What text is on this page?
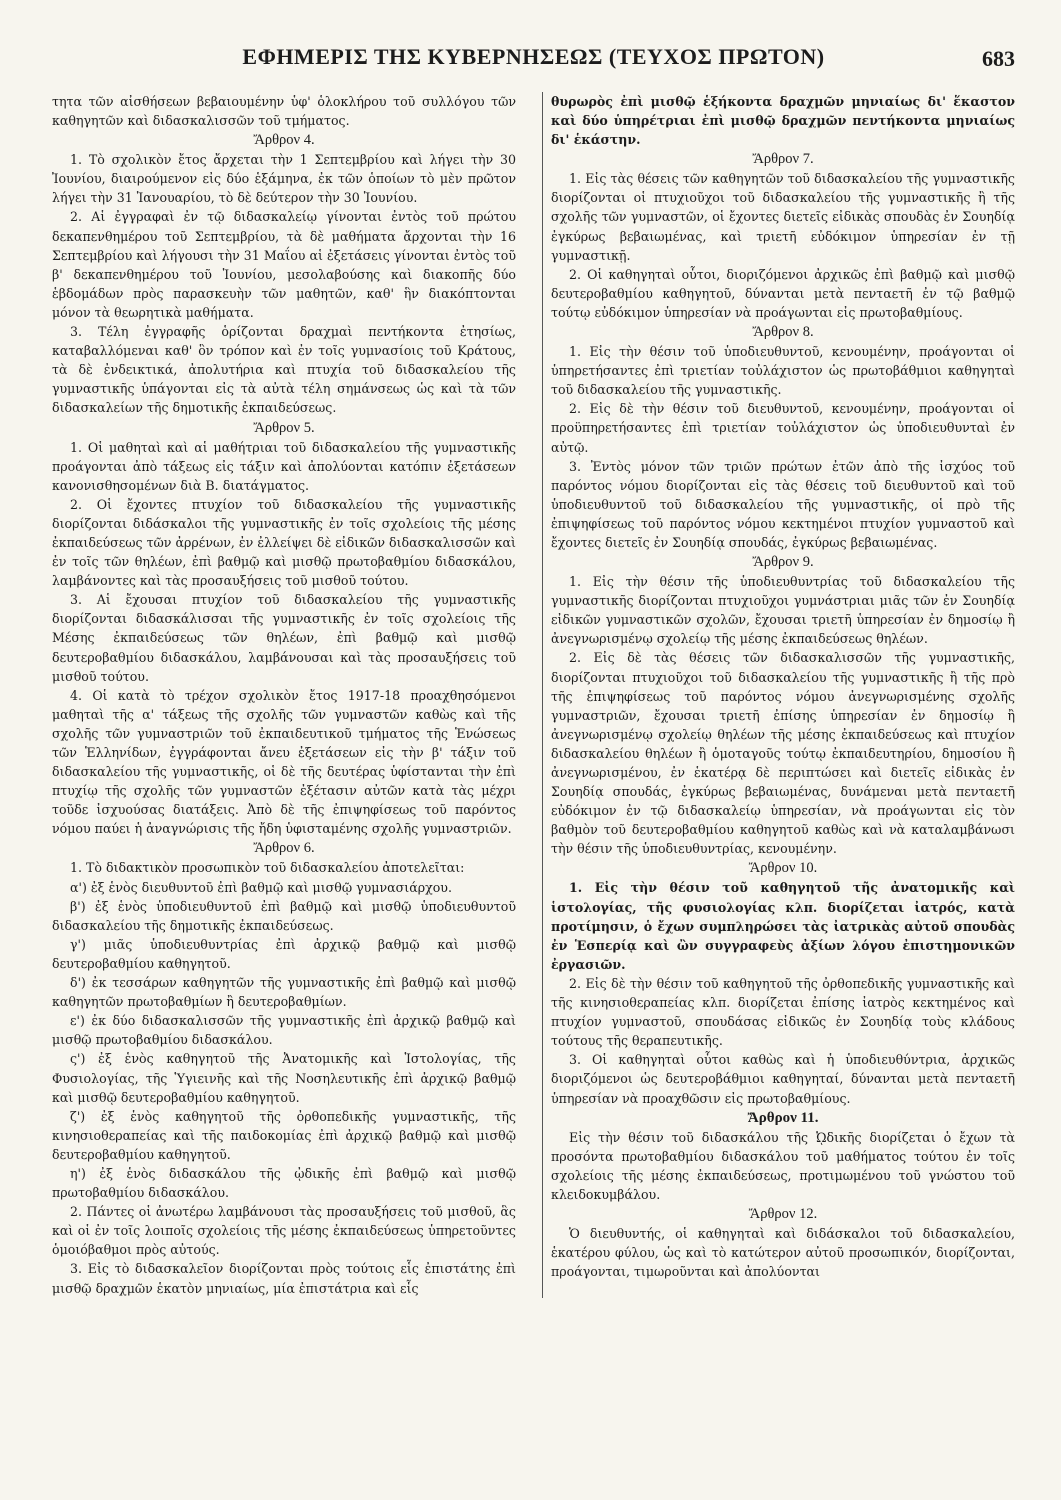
ΕΦΗΜΕΡΙΣ ΤΗΣ ΚΥΒΕΡΝΗΣΕΩΣ (ΤΕΥΧΟΣ ΠΡΩΤΟΝ)	683

τητα τῶν αἰσθήσεων βεβαιουμένην ὑφ' ὁλοκλήρου τοῦ συλλόγου τῶν καθηγητῶν καὶ διδασκαλισσῶν τοῦ τμήματος.

Ἄρθρον 4.

1. Τὸ σχολικὸν ἔτος ἄρχεται τὴν 1 Σεπτεμβρίου καὶ λήγει τὴν 30 Ἰουνίου, διαιρούμενον εἰς δύο ἑξάμηνα, ἐκ τῶν ὁποίων τὸ μὲν πρῶτον λήγει τὴν 31 Ἰανουαρίου, τὸ δὲ δεύτερον τὴν 30 Ἰουνίου.

2. Αἱ ἐγγραφαὶ ἐν τῷ διδασκαλείῳ γίνονται ἐντὸς τοῦ πρώτου δεκαπενθημέρου τοῦ Σεπτεμβρίου, τὰ δὲ μαθήματα ἄρχονται τὴν 16 Σεπτεμβρίου καὶ λήγουσι τὴν 31 Μαΐου αἱ ἐξετάσεις γίνονται ἐντὸς τοῦ β' δεκαπενθημέρου τοῦ Ἰουνίου, μεσολαβούσης καὶ διακοπῆς δύο ἑβδομάδων πρὸς παρασκευὴν τῶν μαθητῶν, καθ' ἣν διακόπτονται μόνον τὰ θεωρητικὰ μαθήματα.

3. Τέλη ἐγγραφῆς ὁρίζονται δραχμαὶ πεντήκοντα ἐτησίως, καταβαλλόμεναι καθ' ὃν τρόπον καὶ ἐν τοῖς γυμνασίοις τοῦ Κράτους, τὰ δὲ ἐνδεικτικά, ἀπολυτήρια καὶ πτυχία τοῦ διδασκαλείου τῆς γυμναστικῆς ὑπάγονται εἰς τὰ αὐτὰ τέλη σημάνσεως ὡς καὶ τὰ τῶν διδασκαλείων τῆς δημοτικῆς ἐκπαιδεύσεως.

Ἄρθρον 5.

1. Οἱ μαθηταὶ καὶ αἱ μαθήτριαι τοῦ διδασκαλείου τῆς γυμναστικῆς προάγονται ἀπὸ τάξεως εἰς τάξιν καὶ ἀπολύονται κατόπιν ἐξετάσεων κανονισθησομένων διὰ Β. διατάγματος.

2. Οἱ ἔχοντες πτυχίον τοῦ διδασκαλείου τῆς γυμναστικῆς διορίζονται διδάσκαλοι τῆς γυμναστικῆς ἐν τοῖς σχολείοις τῆς μέσης ἐκπαιδεύσεως τῶν ἀρρένων, ἐν ἐλλείψει δὲ εἰδικῶν διδασκαλισσῶν καὶ ἐν τοῖς τῶν θηλέων, ἐπὶ βαθμῷ καὶ μισθῷ πρωτοβαθμίου διδασκάλου, λαμβάνοντες καὶ τὰς προσαυξήσεις τοῦ μισθοῦ τούτου.

3. Αἱ ἔχουσαι πτυχίον τοῦ διδασκαλείου τῆς γυμναστικῆς διορίζονται διδασκάλισσαι τῆς γυμναστικῆς ἐν τοῖς σχολείοις τῆς Μέσης ἐκπαιδεύσεως τῶν θηλέων, ἐπὶ βαθμῷ καὶ μισθῷ δευτεροβαθμίου διδασκάλου, λαμβάνουσαι καὶ τὰς προσαυξήσεις τοῦ μισθοῦ τούτου.

4. Οἱ κατὰ τὸ τρέχον σχολικὸν ἔτος 1917-18 προαχθησόμενοι μαθηταὶ τῆς α' τάξεως τῆς σχολῆς τῶν γυμναστῶν καθὼς καὶ τῆς σχολῆς τῶν γυμναστριῶν τοῦ ἐκπαιδευτικοῦ τμήματος τῆς Ἑνώσεως τῶν Ἑλληνίδων, ἐγγράφονται ἄνευ ἐξετάσεων εἰς τὴν β' τάξιν τοῦ διδασκαλείου τῆς γυμναστικῆς, οἱ δὲ τῆς δευτέρας ὑφίστανται τὴν ἐπὶ πτυχίῳ τῆς σχολῆς τῶν γυμναστῶν ἐξέτασιν αὐτῶν κατὰ τὰς μέχρι τοῦδε ἰσχυούσας διατάξεις. Ἀπὸ δὲ τῆς ἐπιψηφίσεως τοῦ παρόντος νόμου παύει ἡ ἀναγνώρισις τῆς ἤδη ὑφισταμένης σχολῆς γυμναστριῶν.

Ἄρθρον 6.

1. Τὸ διδακτικὸν προσωπικὸν τοῦ διδασκαλείου ἀποτελεῖται:

α') ἐξ ἑνὸς διευθυντοῦ ἐπὶ βαθμῷ καὶ μισθῷ γυμνασιάρχου.

β') ἐξ ἑνὸς ὑποδιευθυντοῦ ἐπὶ βαθμῷ καὶ μισθῷ ὑποδιευθυντοῦ διδασκαλείου τῆς δημοτικῆς ἐκπαιδεύσεως.

γ') μιᾶς ὑποδιευθυντρίας ἐπὶ ἀρχικῷ βαθμῷ καὶ μισθῷ δευτεροβαθμίου καθηγητοῦ.

δ') ἐκ τεσσάρων καθηγητῶν τῆς γυμναστικῆς ἐπὶ βαθμῷ καὶ μισθῷ καθηγητῶν πρωτοβαθμίων ἢ δευτεροβαθμίων.

ε') ἐκ δύο διδασκαλισσῶν τῆς γυμναστικῆς ἐπὶ ἀρχικῷ βαθμῷ καὶ μισθῷ πρωτοβαθμίου διδασκάλου.

ς') ἐξ ἑνὸς καθηγητοῦ τῆς Ἀνατομικῆς καὶ Ἱστολογίας, τῆς Φυσιολογίας, τῆς Ὑγιεινῆς καὶ τῆς Νοσηλευτικῆς ἐπὶ ἀρχικῷ βαθμῷ καὶ μισθῷ δευτεροβαθμίου καθηγητοῦ.

ζ') ἐξ ἑνὸς καθηγητοῦ τῆς ὀρθοπεδικῆς γυμναστικῆς, τῆς κινησιοθεραπείας καὶ τῆς παιδοκομίας ἐπὶ ἀρχικῷ βαθμῷ καὶ μισθῷ δευτεροβαθμίου καθηγητοῦ.

η') ἐξ ἑνὸς διδασκάλου τῆς ᾠδικῆς ἐπὶ βαθμῷ καὶ μισθῷ πρωτοβαθμίου διδασκάλου.

2. Πάντες οἱ ἀνωτέρω λαμβάνουσι τὰς προσαυξήσεις τοῦ μισθοῦ, ἃς καὶ οἱ ἐν τοῖς λοιποῖς σχολείοις τῆς μέσης ἐκπαιδεύσεως ὑπηρετοῦντες ὁμοιόβαθμοι πρὸς αὐτούς.

3. Εἰς τὸ διδασκαλεῖον διορίζονται πρὸς τούτοις εἷς ἐπιστάτης ἐπὶ μισθῷ δραχμῶν ἑκατὸν μηνιαίως, μία ἐπιστάτρια καὶ εἷς

θυρωρὸς ἐπὶ μισθῷ ἑξήκοντα δραχμῶν μηνιαίως δι' ἕκαστον καὶ δύο ὑπηρέτριαι ἐπὶ μισθῷ δραχμῶν πεντήκοντα μηνιαίως δι' ἑκάστην.

Ἄρθρον 7.

1. Εἰς τὰς θέσεις τῶν καθηγητῶν τοῦ διδασκαλείου τῆς γυμναστικῆς διορίζονται οἱ πτυχιοῦχοι τοῦ διδασκαλείου τῆς γυμναστικῆς ἢ τῆς σχολῆς τῶν γυμναστῶν, οἱ ἔχοντες διετεῖς εἰδικὰς σπουδὰς ἐν Σουηδίᾳ ἐγκύρως βεβαιωμένας, καὶ τριετῆ εὐδόκιμον ὑπηρεσίαν ἐν τῇ γυμναστικῇ.

2. Οἱ καθηγηταὶ οὗτοι, διοριζόμενοι ἀρχικῶς ἐπὶ βαθμῷ καὶ μισθῷ δευτεροβαθμίου καθηγητοῦ, δύνανται μετὰ πενταετῆ ἐν τῷ βαθμῷ τούτῳ εὐδόκιμον ὑπηρεσίαν νὰ προάγωνται εἰς πρωτοβαθμίους.

Ἄρθρον 8.

1. Εἰς τὴν θέσιν τοῦ ὑποδιευθυντοῦ, κενουμένην, προάγονται οἱ ὑπηρετήσαντες ἐπὶ τριετίαν τοὐλάχιστον ὡς πρωτοβάθμιοι καθηγηταὶ τοῦ διδασκαλείου τῆς γυμναστικῆς.

2. Εἰς δὲ τὴν θέσιν τοῦ διευθυντοῦ, κενουμένην, προάγονται οἱ προϋπηρετήσαντες ἐπὶ τριετίαν τοὐλάχιστον ὡς ὑποδιευθυνταὶ ἐν αὐτῷ.

3. Ἐντὸς μόνον τῶν τριῶν πρώτων ἐτῶν ἀπὸ τῆς ἰσχύος τοῦ παρόντος νόμου διορίζονται εἰς τὰς θέσεις τοῦ διευθυντοῦ καὶ τοῦ ὑποδιευθυντοῦ τοῦ διδασκαλείου τῆς γυμναστικῆς, οἱ πρὸ τῆς ἐπιψηφίσεως τοῦ παρόντος νόμου κεκτημένοι πτυχίον γυμναστοῦ καὶ ἔχοντες διετεῖς ἐν Σουηδίᾳ σπουδάς, ἐγκύρως βεβαιωμένας.

Ἄρθρον 9.

1. Εἰς τὴν θέσιν τῆς ὑποδιευθυντρίας τοῦ διδασκαλείου τῆς γυμναστικῆς διορίζονται πτυχιοῦχοι γυμνάστριαι μιᾶς τῶν ἐν Σουηδίᾳ εἰδικῶν γυμναστικῶν σχολῶν, ἔχουσαι τριετῆ ὑπηρεσίαν ἐν δημοσίῳ ἢ ἀνεγνωρισμένῳ σχολείῳ τῆς μέσης ἐκπαιδεύσεως θηλέων.

2. Εἰς δὲ τὰς θέσεις τῶν διδασκαλισσῶν τῆς γυμναστικῆς, διορίζονται πτυχιοῦχοι τοῦ διδασκαλείου τῆς γυμναστικῆς ἢ τῆς πρὸ τῆς ἐπιψηφίσεως τοῦ παρόντος νόμου ἀνεγνωρισμένης σχολῆς γυμναστριῶν, ἔχουσαι τριετῆ ἐπίσης ὑπηρεσίαν ἐν δημοσίῳ ἢ ἀνεγνωρισμένῳ σχολείῳ θηλέων τῆς μέσης ἐκπαιδεύσεως καὶ πτυχίον διδασκαλείου θηλέων ἢ ὁμοταγοῦς τούτῳ ἐκπαιδευτηρίου, δημοσίου ἢ ἀνεγνωρισμένου, ἐν ἑκατέρᾳ δὲ περιπτώσει καὶ διετεῖς εἰδικὰς ἐν Σουηδίᾳ σπουδάς, ἐγκύρως βεβαιωμένας, δυνάμεναι μετὰ πενταετῆ εὐδόκιμον ἐν τῷ διδασκαλείῳ ὑπηρεσίαν, νὰ προάγωνται εἰς τὸν βαθμὸν τοῦ δευτεροβαθμίου καθηγητοῦ καθὼς καὶ νὰ καταλαμβάνωσι τὴν θέσιν τῆς ὑποδιευθυντρίας, κενουμένην.

Ἄρθρον 10.

1. Εἰς τὴν θέσιν τοῦ καθηγητοῦ τῆς ἀνατομικῆς καὶ ἱστολογίας, τῆς φυσιολογίας κλπ. διορίζεται ἰατρός, κατὰ προτίμησιν, ὁ ἔχων συμπληρώσει τὰς ἰατρικὰς αὐτοῦ σπουδὰς ἐν Ἑσπερίᾳ καὶ ὢν συγγραφεὺς ἀξίων λόγου ἐπιστημονικῶν ἐργασιῶν.

2. Εἰς δὲ τὴν θέσιν τοῦ καθηγητοῦ τῆς ὀρθοπεδικῆς γυμναστικῆς καὶ τῆς κινησιοθεραπείας κλπ. διορίζεται ἐπίσης ἰατρὸς κεκτημένος καὶ πτυχίον γυμναστοῦ, σπουδάσας εἰδικῶς ἐν Σουηδίᾳ τοὺς κλάδους τούτους τῆς θεραπευτικῆς.

3. Οἱ καθηγηταὶ οὗτοι καθὼς καὶ ἡ ὑποδιευθύντρια, ἀρχικῶς διοριζόμενοι ὡς δευτεροβάθμιοι καθηγηταί, δύνανται μετὰ πενταετῆ ὑπηρεσίαν νὰ προαχθῶσιν εἰς πρωτοβαθμίους.

Ἄρθρον 11.

Εἰς τὴν θέσιν τοῦ διδασκάλου τῆς ᾨδικῆς διορίζεται ὁ ἔχων τὰ προσόντα πρωτοβαθμίου διδασκάλου τοῦ μαθήματος τούτου ἐν τοῖς σχολείοις τῆς μέσης ἐκπαιδεύσεως, προτιμωμένου τοῦ γνώστου τοῦ κλειδοκυμβάλου.

Ἄρθρον 12.

Ὁ διευθυντής, οἱ καθηγηταὶ καὶ διδάσκαλοι τοῦ διδασκαλείου, ἑκατέρου φύλου, ὡς καὶ τὸ κατώτερον αὐτοῦ προσωπικόν, διορίζονται, προάγονται, τιμωροῦνται καὶ ἀπολύονται
